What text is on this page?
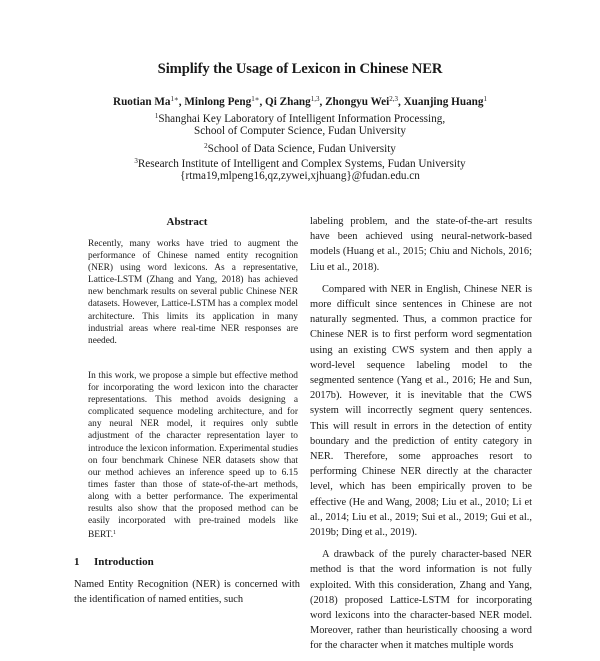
Simplify the Usage of Lexicon in Chinese NER
Ruotian $Ma^{1∗}$, Minlong Peng$^{1∗}$, Qi Zhang$^{1,3}$, Zhongyu Wei$^{2,3}$, Xuanjing Huang$^1$
$^1$Shanghai Key Laboratory of Intelligent Information Processing,
School of Computer Science, Fudan University
$^2$School of Data Science, Fudan University
$^3$Research Institute of Intelligent and Complex Systems, Fudan University
{rtma19,mlpeng16,qz,zywei,xjhuang}@fudan.edu.cn
Abstract

Recently, many works have tried to augment the performance of Chinese named entity recognition (NER) using word lexicons. As a representative, Lattice-LSTM (Zhang and Yang, 2018) has achieved new benchmark results on several public Chinese NER datasets. However, Lattice-LSTM has a complex model architecture. This limits its application in many industrial areas where real-time NER responses are needed.

In this work, we propose a simple but effective method for incorporating the word lexicon into the character representations. This method avoids designing a complicated sequence modeling architecture, and for any neural NER model, it requires only subtle adjustment of the character representation layer to introduce the lexicon information. Experimental studies on four benchmark Chinese NER datasets show that our method achieves an inference speed up to 6.15 times faster than those of state-of-the-art methods, along with a better performance. The experimental results also show that the proposed method can be easily incorporated with pre-trained models like BERT.$^1$

1 Introduction
Named Entity Recognition (NER) is concerned with the identification of named entities, such

labeling problem, and the state-of-the-art results have been achieved using neural-network-based models (Huang et al., 2015; Chiu and Nichols, 2016; Liu et al., 2018).

Compared with NER in English, Chinese NER is more difficult since sentences in Chinese are not naturally segmented. Thus, a common practice for Chinese NER is to first perform word segmentation using an existing CWS system and then apply a word-level sequence labeling model to the segmented sentence (Yang et al., 2016; He and Sun, 2017b). However, it is inevitable that the CWS system will incorrectly segment query sentences. This will result in errors in the detection of entity boundary and the prediction of entity category in NER. Therefore, some approaches resort to performing Chinese NER directly at the character level, which has been empirically proven to be effective (He and Wang, 2008; Liu et al., 2010; Li et al., 2014; Liu et al., 2019; Sui et al., 2019; Gui et al., 2019b; Ding et al., 2019).

A drawback of the purely character-based NER method is that the word information is not fully exploited. With this consideration, Zhang and Yang, (2018) proposed Lattice-LSTM for incorporating word lexicons into the character-based NER model. Moreover, rather than heuristically choosing a word for the character when it matches multiple words
